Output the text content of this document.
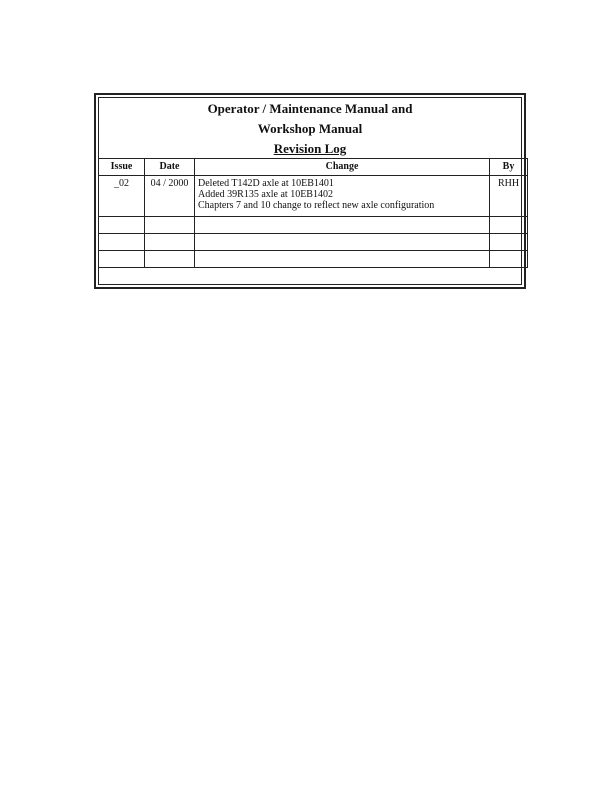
Operator / Maintenance Manual and
Workshop Manual
Revision Log
Issue	Date	Change	By
_02	04 / 2000	Deleted T142D axle at 10EB1401
Added 39R135 axle at 10EB1402
Chapters 7 and 10 change to reflect new axle configuration	RHH
